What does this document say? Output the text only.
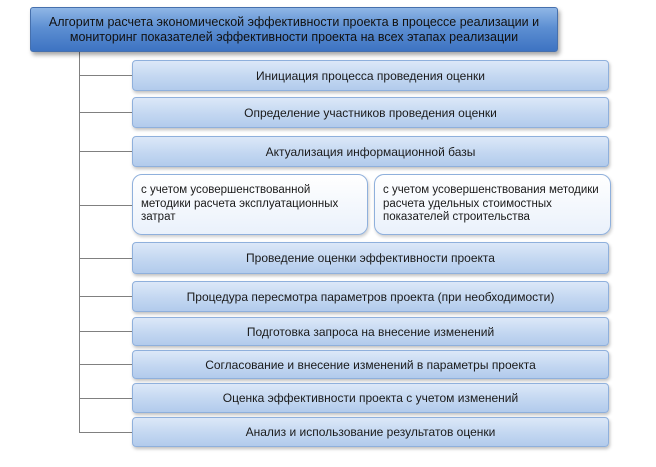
Алгоритм расчета экономической эффективности проекта в процессе реализации и мониторинг показателей эффективности проекта на всех этапах реализации
Инициация процесса проведения оценки
Определение участников проведения оценки
Актуализация информационной базы
с учетом усовершенствованной методики расчета эксплуатационных затрат
с учетом усовершенствования методики расчета удельных стоимостных показателей строительства
Проведение оценки эффективности проекта
Процедура пересмотра параметров проекта (при необходимости)
Подготовка запроса на внесение изменений
Согласование и внесение изменений в параметры проекта
Оценка эффективности проекта с учетом изменений
Анализ и использование результатов оценки
